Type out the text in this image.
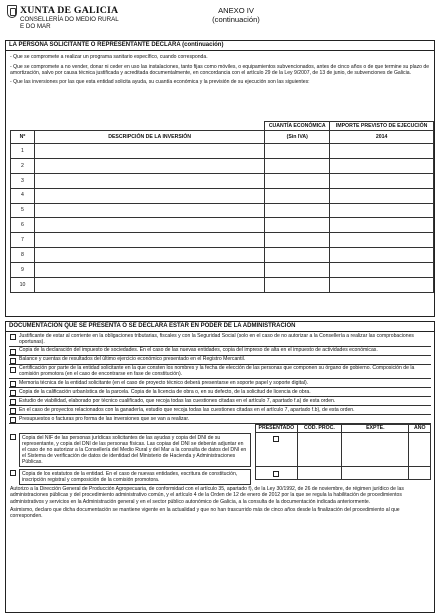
XUNTA DE GALICIA
CONSELLERÍA DO MEDIO RURAL
E DO MAR
ANEXO IV
(continuación)
LA PERSONA SOLICITANTE O REPRESENTANTE DECLARA (continuación)
- Que se compromete a realizar un programa sanitario específico, cuando corresponda.
- Que se compromete a no vender, donar ni ceder en uso las instalaciones, tanto fijas como móviles, o equipamientos subvencionados, antes de cinco años o de que termine su plazo de amortización, salvo por causa técnica justificada y acreditada documentalmente, en concordancia con el artículo 29 de la Ley 9/2007, de 13 de junio, de subvenciones de Galicia.
- Que las inversiones por las que esta entidad solicita ayuda, su cuantía económica y la previsión de su ejecución son las siguientes:
		CUANTÍA ECONÓMICA	IMPORTE PREVISTO DE EJECUCIÓN
Nº	DESCRIPCIÓN DE LA INVERSIÓN	(Sin IVA)	2014
1			
2			
3			
4			
5			
6			
7			
8			
9			
10			
DOCUMENTACIÓN QUE SE PRESENTA O SE DECLARA ESTAR EN PODER DE LA ADMINISTRACIÓN
Justificante de estar al corriente en la obligaciones tributarias, fiscales y con la Seguridad Social (solo en el caso de no autorizar a la Consellería a realizar las comprobaciones oportunas).
Copia de la declaración del impuesto de sociedades. En el caso de las nuevas entidades, copia del impreso de alta en el impuesto de actividades económicas.
Balance y cuentas de resultados del último ejercicio económico presentado en el Registro Mercantil.
Certificación por parte de la entidad solicitante en la que consten los nombres y la fecha de elección de las personas que componen su órgano de gobierno. Composición de la comisión promotora (en el caso de encontrarse en fase de constitución).
Memoria técnica de la entidad solicitante (en el caso de proyecto técnico deberá presentarse en soporte papel y soporte digital).
Copia de la calificación urbanística de la parcela. Copia de la licencia de obra o, en su defecto, de la solicitud de licencia de obra.
Estudio de viabilidad, elaborado por técnico cualificado, que recoja todas las cuestiones citadas en el artículo 7, apartado f.a) de esta orden.
En el caso de proyectos relacionados con la ganadería, estudio que recoja todas las cuestiones citadas en el artículo 7, apartado f.b), de esta orden.
Presupuestos o facturas pro forma de las inversiones que se van a realizar.
PRESENTADO	CÓD. PROC.	EXPTE.	AÑO

Copia del NIF de las personas jurídicas solicitantes de las ayudas y copia del DNI de su representante, y copia del DNI de las personas físicas. Las copias del DNI se deberán adjuntar en el caso de no autorizar a la Consellería del Medio Rural y del Mar a la consulta de datos del DNI en el Sistema de verificación de datos de identidad del Ministerio de Hacienda y Administraciones Públicas.
Copia de los estatutos de la entidad. En el caso de nuevas entidades, escritura de constitución, inscripción registral y composición de la comisión promotora.
Autorizo a la Dirección General de Producción Agropecuaria, de conformidad con el artículo 35, apartado f), de la Ley 30/1992, de 26 de noviembre, de régimen jurídico de las administraciones públicas y del procedimiento administrativo común, y el artículo 4 de la Orden de 12 de enero de 2012 por la que se regula la habilitación de procedimientos administrativos y servicios en la Administración general y en el sector público autonómico de Galicia, a la consulta de la documentación indicada anteriormente.
Asimismo, declaro que dicha documentación se mantiene vigente en la actualidad y que no han trascurrido más de cinco años desde la finalización del procedimiento al que corresponden.
